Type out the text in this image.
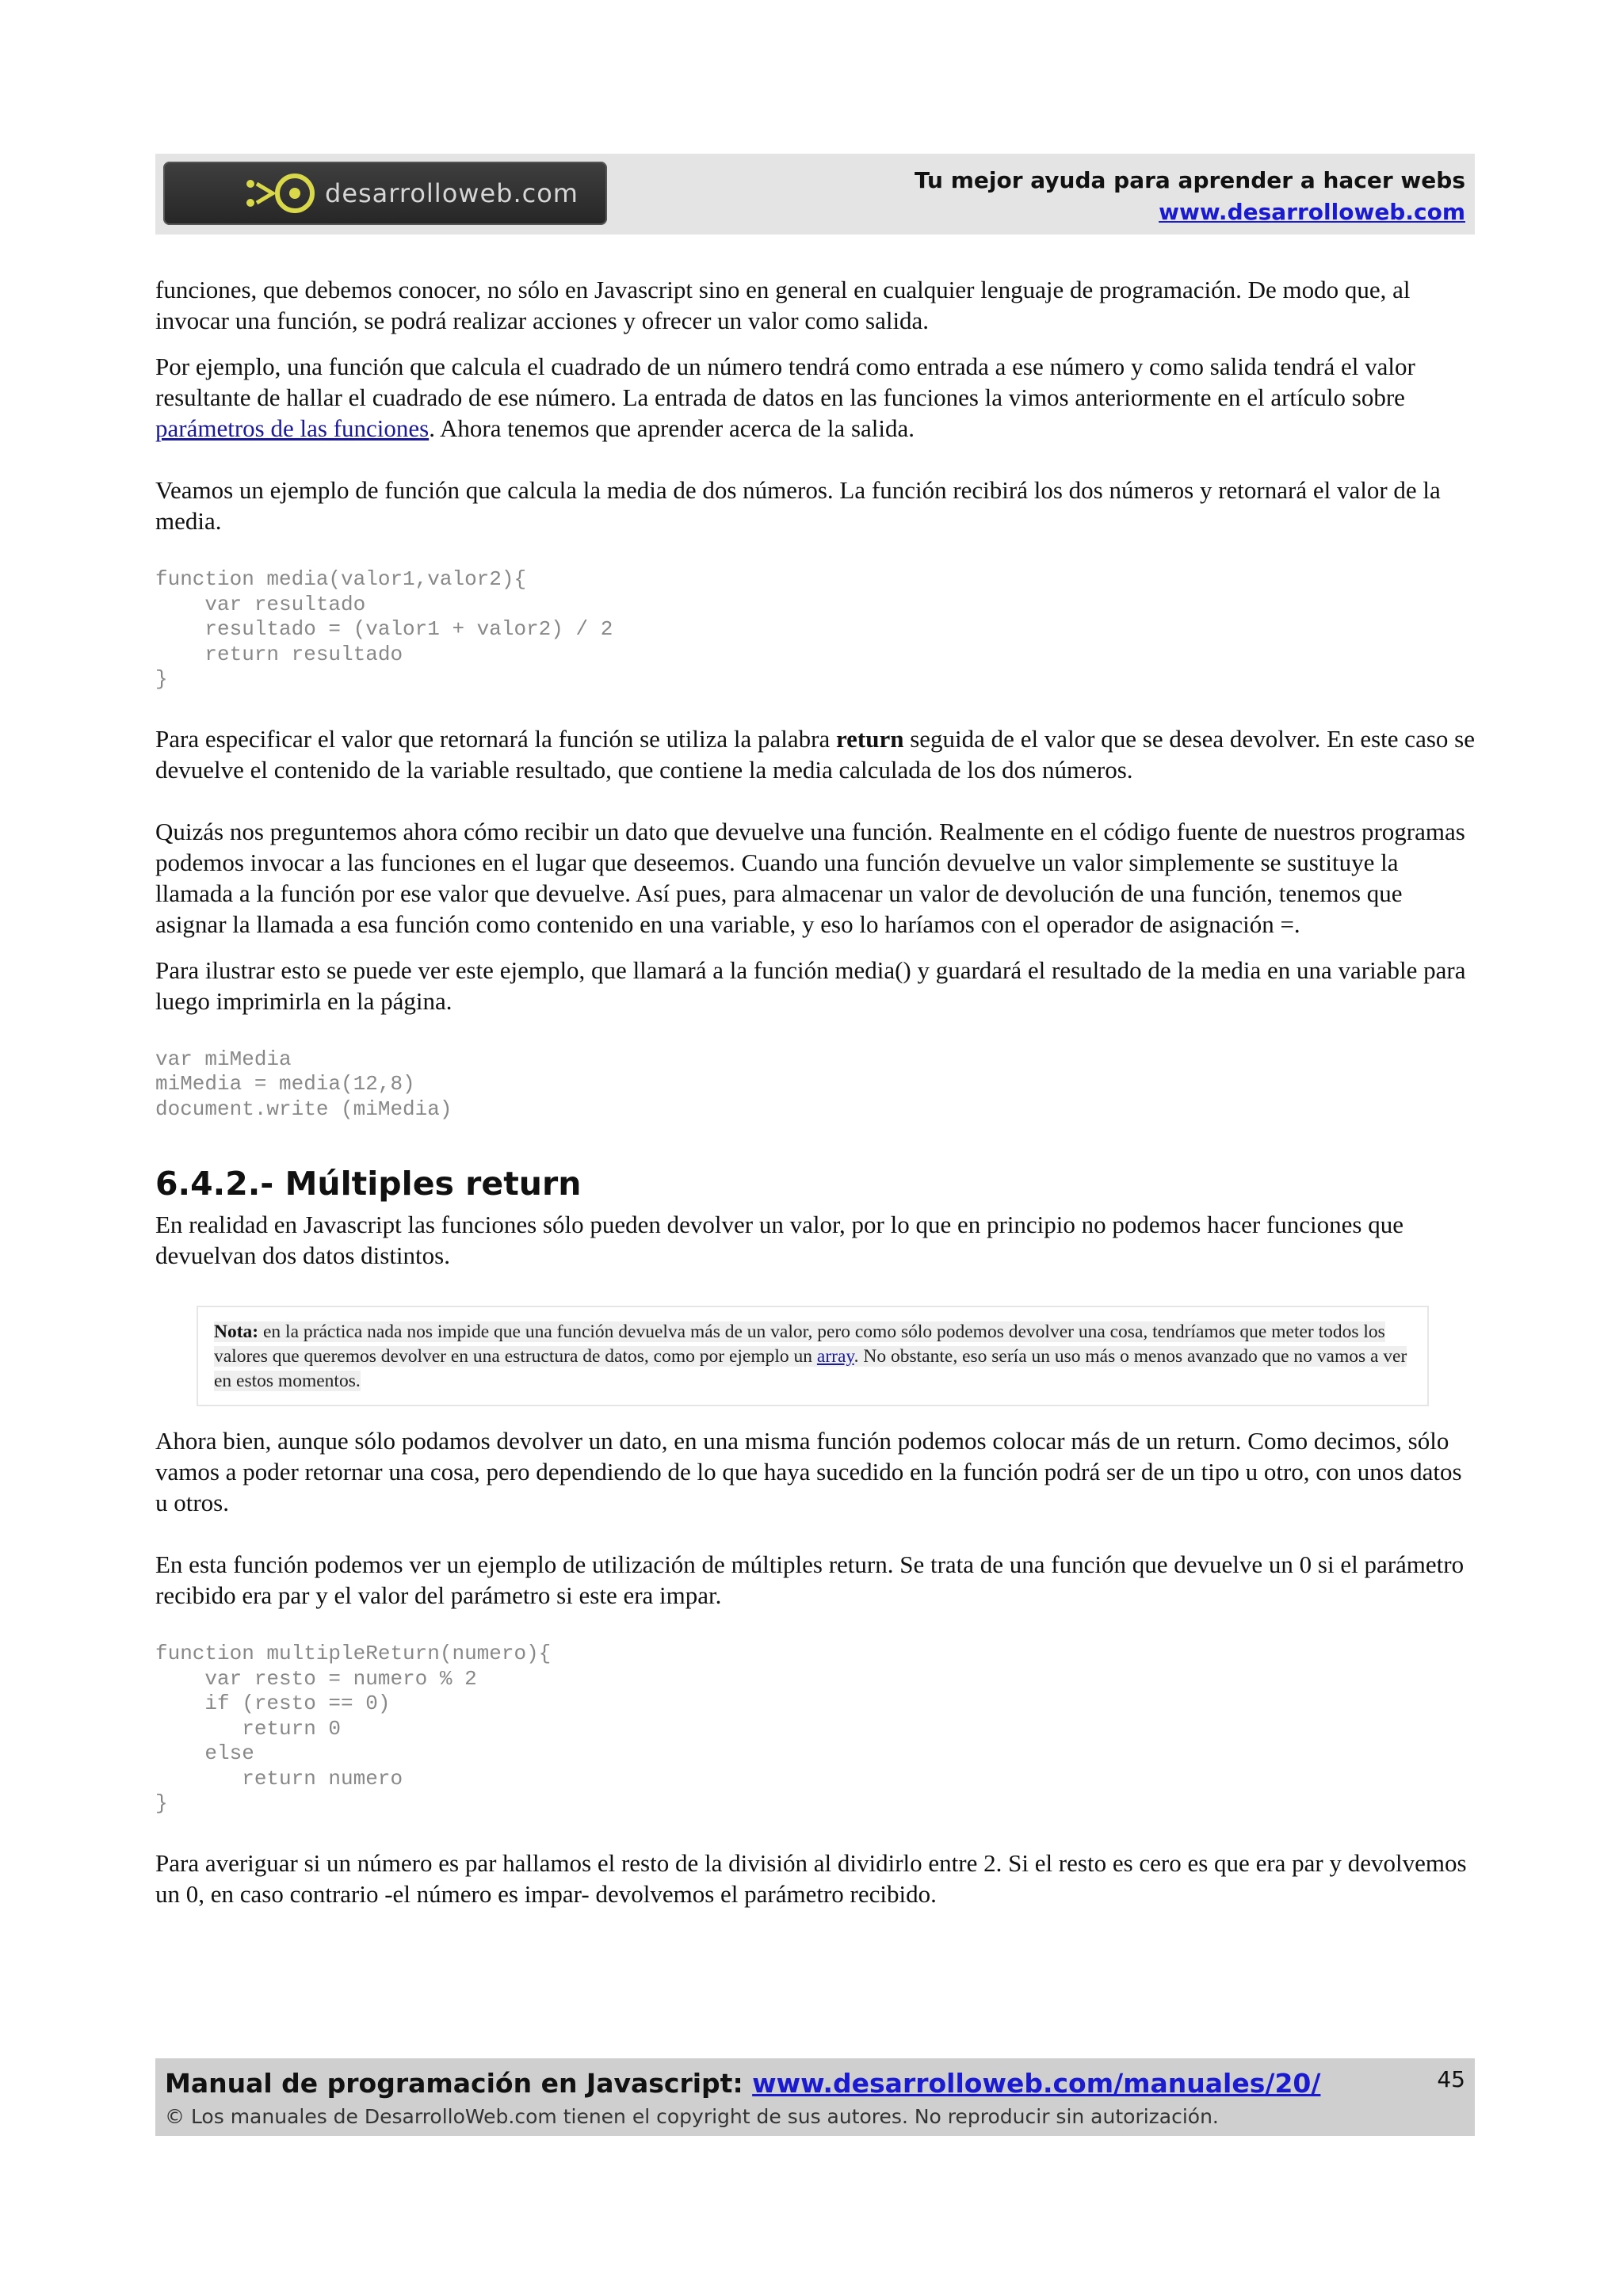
desarrolloweb.com	Tu mejor ayuda para aprender a hacer webs
www.desarrolloweb.com

funciones, que debemos conocer, no sólo en Javascript sino en general en cualquier lenguaje de programación. De modo que, al invocar una función, se podrá realizar acciones y ofrecer un valor como salida.

Por ejemplo, una función que calcula el cuadrado de un número tendrá como entrada a ese número y como salida tendrá el valor resultante de hallar el cuadrado de ese número. La entrada de datos en las funciones la vimos anteriormente en el artículo sobre parámetros de las funciones. Ahora tenemos que aprender acerca de la salida.

Veamos un ejemplo de función que calcula la media de dos números. La función recibirá los dos números y retornará el valor de la media.

function media(valor1,valor2){
var resultado
resultado = (valor1 + valor2) / 2
return resultado
}

Para especificar el valor que retornará la función se utiliza la palabra return seguida de el valor que se desea devolver. En este caso se devuelve el contenido de la variable resultado, que contiene la media calculada de los dos números.

Quizás nos preguntemos ahora cómo recibir un dato que devuelve una función. Realmente en el código fuente de nuestros programas podemos invocar a las funciones en el lugar que deseemos. Cuando una función devuelve un valor simplemente se sustituye la llamada a la función por ese valor que devuelve. Así pues, para almacenar un valor de devolución de una función, tenemos que asignar la llamada a esa función como contenido en una variable, y eso lo haríamos con el operador de asignación =.

Para ilustrar esto se puede ver este ejemplo, que llamará a la función media() y guardará el resultado de la media en una variable para luego imprimirla en la página.

var miMedia
miMedia = media(12,8)
document.write (miMedia)
6.4.2.- Múltiples return

En realidad en Javascript las funciones sólo pueden devolver un valor, por lo que en principio no podemos hacer funciones que devuelvan dos datos distintos.

Nota: en la práctica nada nos impide que una función devuelva más de un valor, pero como sólo podemos devolver una cosa, tendríamos que meter todos los valores que queremos devolver en una estructura de datos, como por ejemplo un array. No obstante, eso sería un uso más o menos avanzado que no vamos a ver en estos momentos.

Ahora bien, aunque sólo podamos devolver un dato, en una misma función podemos colocar más de un return. Como decimos, sólo vamos a poder retornar una cosa, pero dependiendo de lo que haya sucedido en la función podrá ser de un tipo u otro, con unos datos u otros.

En esta función podemos ver un ejemplo de utilización de múltiples return. Se trata de una función que devuelve un 0 si el parámetro recibido era par y el valor del parámetro si este era impar.

function multipleReturn(numero){
var resto = numero % 2
if (resto == 0)
return 0
else
return numero
}

Para averiguar si un número es par hallamos el resto de la división al dividirlo entre 2. Si el resto es cero es que era par y devolvemos un 0, en caso contrario -el número es impar- devolvemos el parámetro recibido.

Manual de programación en Javascript: www.desarrolloweb.com/manuales/20/
© Los manuales de DesarrolloWeb.com tienen el copyright de sus autores. No reproducir sin autorización.
45
